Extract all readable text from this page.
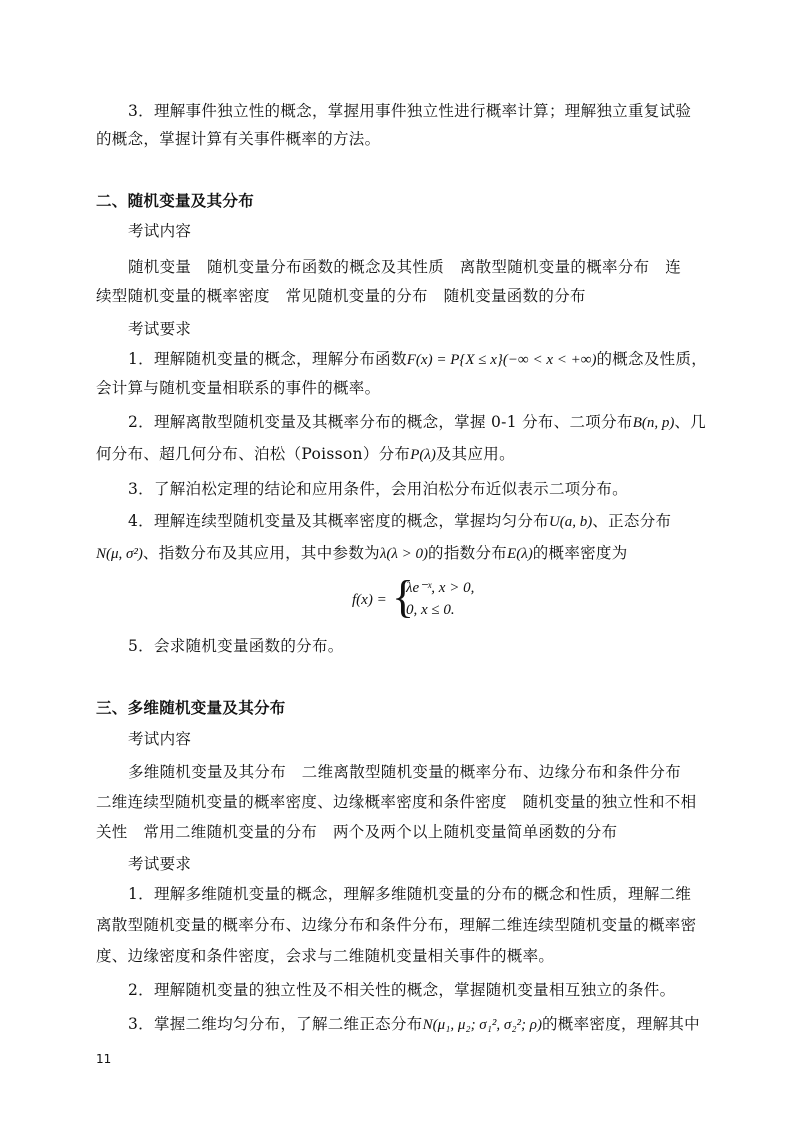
3．理解事件独立性的概念，掌握用事件独立性进行概率计算；理解独立重复试验
的概念，掌握计算有关事件概率的方法。
二、随机变量及其分布
考试内容
随机变量　随机变量分布函数的概念及其性质　离散型随机变量的概率分布　连
续型随机变量的概率密度　常见随机变量的分布　随机变量函数的分布
考试要求
1．理解随机变量的概念，理解分布函数F(x) = P{X ≤ x}(−∞ < x < +∞)的概念及性质，
会计算与随机变量相联系的事件的概率。
2．理解离散型随机变量及其概率分布的概念，掌握 0-1 分布、二项分布B(n, p)、几
何分布、超几何分布、泊松（Poisson）分布P(λ)及其应用。
3．了解泊松定理的结论和应用条件，会用泊松分布近似表示二项分布。
4．理解连续型随机变量及其概率密度的概念，掌握均匀分布U(a, b)、正态分布
N(μ, σ²)、指数分布及其应用，其中参数为λ(λ > 0)的指数分布E(λ)的概率密度为
f(x) = {
λe⁻ˣ, x > 0,
0, x ≤ 0.
5．会求随机变量函数的分布。
三、多维随机变量及其分布
考试内容
多维随机变量及其分布　二维离散型随机变量的概率分布、边缘分布和条件分布
二维连续型随机变量的概率密度、边缘概率密度和条件密度　随机变量的独立性和不相
关性　常用二维随机变量的分布　两个及两个以上随机变量简单函数的分布
考试要求
1．理解多维随机变量的概念，理解多维随机变量的分布的概念和性质，理解二维
离散型随机变量的概率分布、边缘分布和条件分布，理解二维连续型随机变量的概率密
度、边缘密度和条件密度，会求与二维随机变量相关事件的概率。
2．理解随机变量的独立性及不相关性的概念，掌握随机变量相互独立的条件。
3．掌握二维均匀分布，了解二维正态分布N(μ₁, μ₂; σ₁², σ₂²; ρ)的概率密度，理解其中
11
